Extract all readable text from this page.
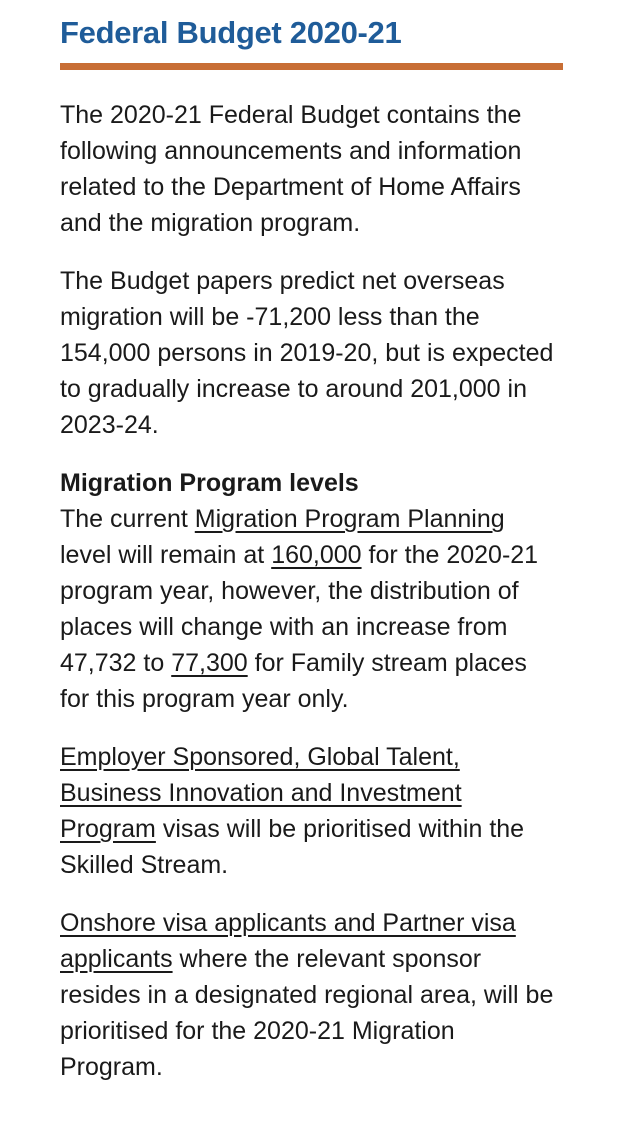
Federal Budget 2020-21

The 2020-21 Federal Budget contains the following announcements and information related to the Department of Home Affairs and the migration program.

The Budget papers predict net overseas migration will be -71,200 less than the 154,000 persons in 2019-20, but is expected to gradually increase to around 201,000 in 2023-24.

Migration Program levels

The current Migration Program Planning level will remain at 160,000 for the 2020-21 program year, however, the distribution of places will change with an increase from 47,732 to 77,300 for Family stream places for this program year only.

Employer Sponsored, Global Talent, Business Innovation and Investment Program visas will be prioritised within the Skilled Stream.

Onshore visa applicants and Partner visa applicants where the relevant sponsor resides in a designated regional area, will be prioritised for the 2020-21 Migration Program.
